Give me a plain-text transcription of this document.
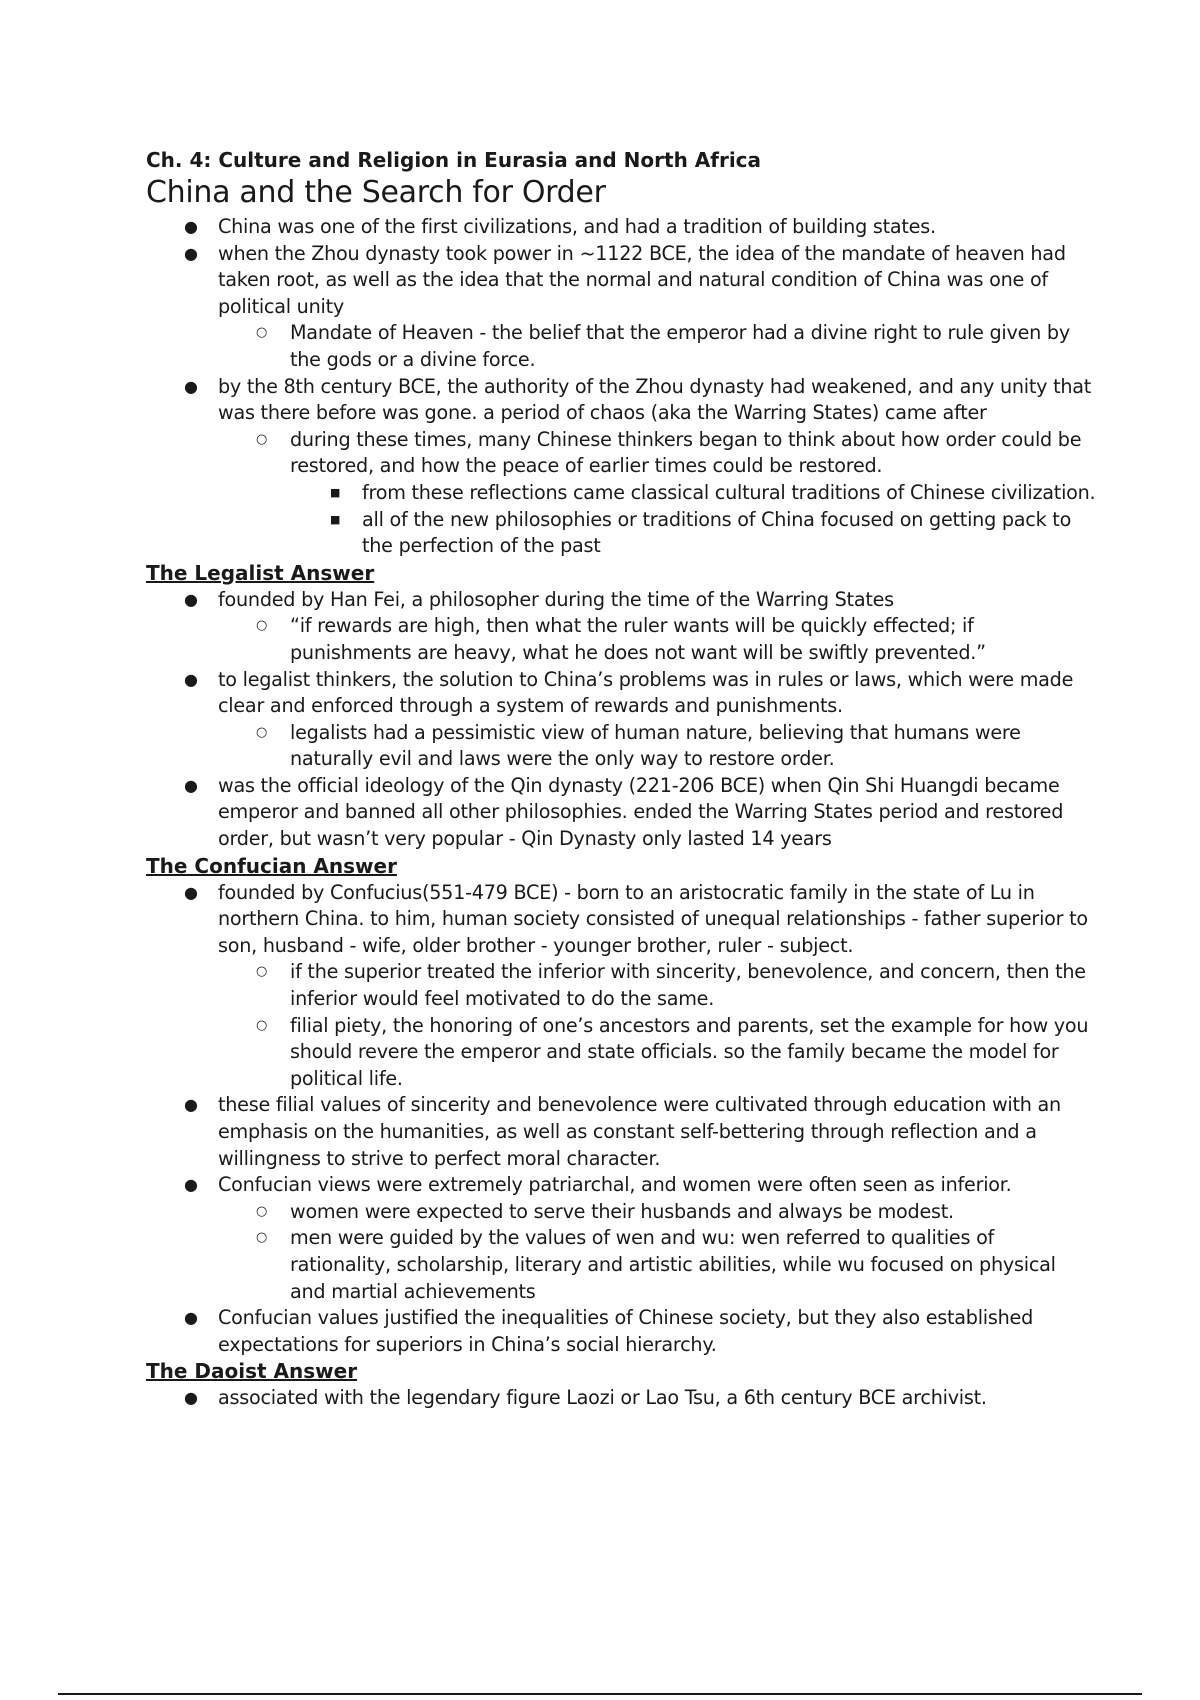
Ch. 4: Culture and Religion in Eurasia and North Africa
China and the Search for Order
● China was one of the first civilizations, and had a tradition of building states.
● when the Zhou dynasty took power in ~1122 BCE, the idea of the mandate of heaven had taken root, as well as the idea that the normal and natural condition of China was one of political unity
○ Mandate of Heaven - the belief that the emperor had a divine right to rule given by the gods or a divine force.
● by the 8th century BCE, the authority of the Zhou dynasty had weakened, and any unity that was there before was gone. a period of chaos (aka the Warring States) came after
○ during these times, many Chinese thinkers began to think about how order could be restored, and how the peace of earlier times could be restored.
■ from these reflections came classical cultural traditions of Chinese civilization.
■ all of the new philosophies or traditions of China focused on getting pack to the perfection of the past
The Legalist Answer
● founded by Han Fei, a philosopher during the time of the Warring States
○ “if rewards are high, then what the ruler wants will be quickly effected; if punishments are heavy, what he does not want will be swiftly prevented.”
● to legalist thinkers, the solution to China’s problems was in rules or laws, which were made clear and enforced through a system of rewards and punishments.
○ legalists had a pessimistic view of human nature, believing that humans were naturally evil and laws were the only way to restore order.
● was the official ideology of the Qin dynasty (221-206 BCE) when Qin Shi Huangdi became emperor and banned all other philosophies. ended the Warring States period and restored order, but wasn’t very popular - Qin Dynasty only lasted 14 years
The Confucian Answer
● founded by Confucius(551-479 BCE) - born to an aristocratic family in the state of Lu in northern China. to him, human society consisted of unequal relationships - father superior to son, husband - wife, older brother - younger brother, ruler - subject.
○ if the superior treated the inferior with sincerity, benevolence, and concern, then the inferior would feel motivated to do the same.
○ filial piety, the honoring of one’s ancestors and parents, set the example for how you should revere the emperor and state officials. so the family became the model for political life.
● these filial values of sincerity and benevolence were cultivated through education with an emphasis on the humanities, as well as constant self-bettering through reflection and a willingness to strive to perfect moral character.
● Confucian views were extremely patriarchal, and women were often seen as inferior.
○ women were expected to serve their husbands and always be modest.
○ men were guided by the values of wen and wu: wen referred to qualities of rationality, scholarship, literary and artistic abilities, while wu focused on physical and martial achievements
● Confucian values justified the inequalities of Chinese society, but they also established expectations for superiors in China’s social hierarchy.
The Daoist Answer
● associated with the legendary figure Laozi or Lao Tsu, a 6th century BCE archivist.
